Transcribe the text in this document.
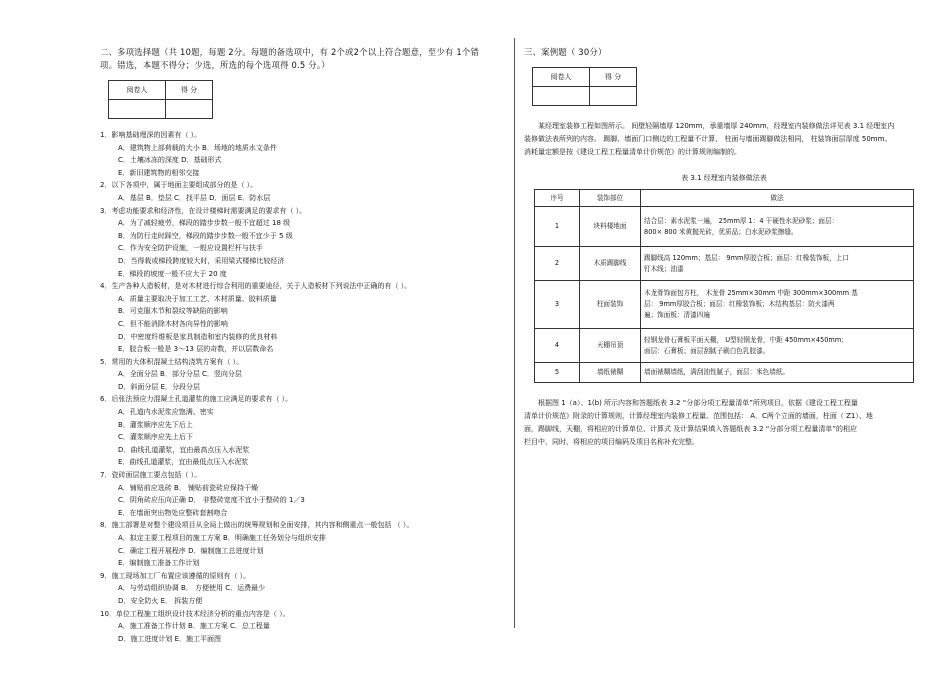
二、多项选择题（共 10题，每题 2分。每题的备选项中，有 2个或2个以上符合题意，至少有 1个错
项。错选，本题不得分；少选，所选的每个选项得 0.5 分。）
阅卷人	得 分

1．影响基础埋深的因素有（ ）。
A．建筑物上部荷载的大小 B．场地的地质水文条件
C．土壤冰冻的深度 D．基础形式
E．新旧建筑物的相邻交接
2．以下各项中，属于地面主要组成部分的是（ ）。
A．基层 B．垫层 C．找平层 D．面层 E．防水层
3．考虑功能要求和经济性，在设计楼梯时需要满足的要求有（ ）。
A．为了减轻疲劳，梯段的踏步步数一般不宜超过 18 级
B．为防行走时踩空，梯段的踏步步数一般不宜少于 5 级
C．作为安全防护设施，一般应设置栏杆与扶手
D．当得栽或梯段跨度较大时，采用梁式楼梯比较经济
E．梯段的坡度一般不应大于 20 度
4．生产各种人造板材，是对木材进行综合利用的重要途径，关于人造板材下列说法中正确的有（ ）。
A．质量主要取决于加工工艺、木材质量、胶料质量
B．可克服木节和裂纹等缺陷的影响
C．但不能消除木材各向异性的影响
D．中密度纤维板是家具制造和室内装修的优良材料
E．胶合板一般是 3～13 层的奇数，并以层数命名
5．常用的大体积混凝土结构浇筑方案有（ ）。
A．全面分层 B．部分分层 C．竖向分层
D．斜面分层 E．分段分层
6．后张法预应力混凝土孔道灌浆的施工应满足的要求有（ ）。
A．孔道内水泥浆应饱满、密实
B．灌浆顺序应先下后上
C．灌浆顺序应先上后下
D．曲线孔道灌浆，宜由最高点压入水泥浆
E．曲线孔道灌浆，宜由最低点压入水泥浆
7．瓷砖面层施工要点包括（ ）。
A．铺贴前应选砖 B． 铺贴前瓷砖应保持干燥
C．阴角砖应压向正确 D． 非整砖宽度不宜小于整砖的 1／3
E．在墙面突出物处应整砖套割吻合
8．施工部署是对整个建设项目从全局上做出的统筹规划和全面安排，其内容和侧重点一般包括 （ ）。
A．拟定主要工程项目的施工方案 B．明确施工任务划分与组织安排
C．确定工程开展程序 D．编制施工总进度计划
E．编制施工准备工作计划
9．施工现场加工厂布置应该遵循的原则有（ ）。
A．与劳动组织协调 B． 方便使用 C．运费最少
D．安全防火 E． 拆装方便
10．单位工程施工组织设计技术经济分析的重点内容是（ ）。
A．施工准备工作计划 B．施工方案 C．总工程量
D．施工进度计划 E．施工平面图
三、案例题（ 30分）
阅卷人	得 分

某经理室装修工程如图所示。 间壁轻隔墙厚 120mm，承重墙厚 240mm，经理室内装修做法详见表 3.1 经理室内

装修做法表所列的内容。 踢脚、墙面门口侧边的工程量不计算， 柱面与墙面踢脚做法相同， 柱装饰面层厚度 50mm。

消耗量定额是按《建设工程工程量清单计价规范》的计算规则编制的。

表 3.1 经理室内装修做法表
序号	装饰部位	做法
1	块料楼地面	结合层：素水泥浆一遍， 25mm厚 1：4 干硬性水泥砂浆；面层：
800× 800 米黄抛光砖，优质品；白水泥砂浆擦缝。

2	木质踢脚线	踢脚线高 120mm；基层： 9mm厚胶合板；面层：红橡装饰板，上口
钉木线；油漆

3	柱面装饰	木龙骨饰面包方柱， 木龙骨 25mm×30mm 中距 300mm×300mm 基
层： 9mm厚胶合板；面层：红橡装饰板；木结构基层：防火漆两
遍；饰面板：清漆四遍

4	天棚吊顶	轻钢龙骨石膏板平面天棚， U型轻钢龙骨，中距 450mm×450mm；
面层：石膏板；面层刮腻子刷白色乳胶漆。

5	墙纸裱糊	墙面裱糊墙纸，满刮油性腻子，面层：米色墙纸。

根据图 1（a）、1(b) 所示内容和答题纸表 3.2 “分部分项工程量清单”所列项目，依据《建设工程工程量

清单计价规范》附录的计算规则，计算经理室内装修工程量。范围包括： A．C两个立面的墙面，柱面（ Z1）、地

面，踢脚线，天棚，将相应的计算单位、计算式 及计算结果填入答题纸表 3.2 “分部分项工程量清单”的相应

栏目中，同时，将相应的项目编码及项目名称补充完整。
